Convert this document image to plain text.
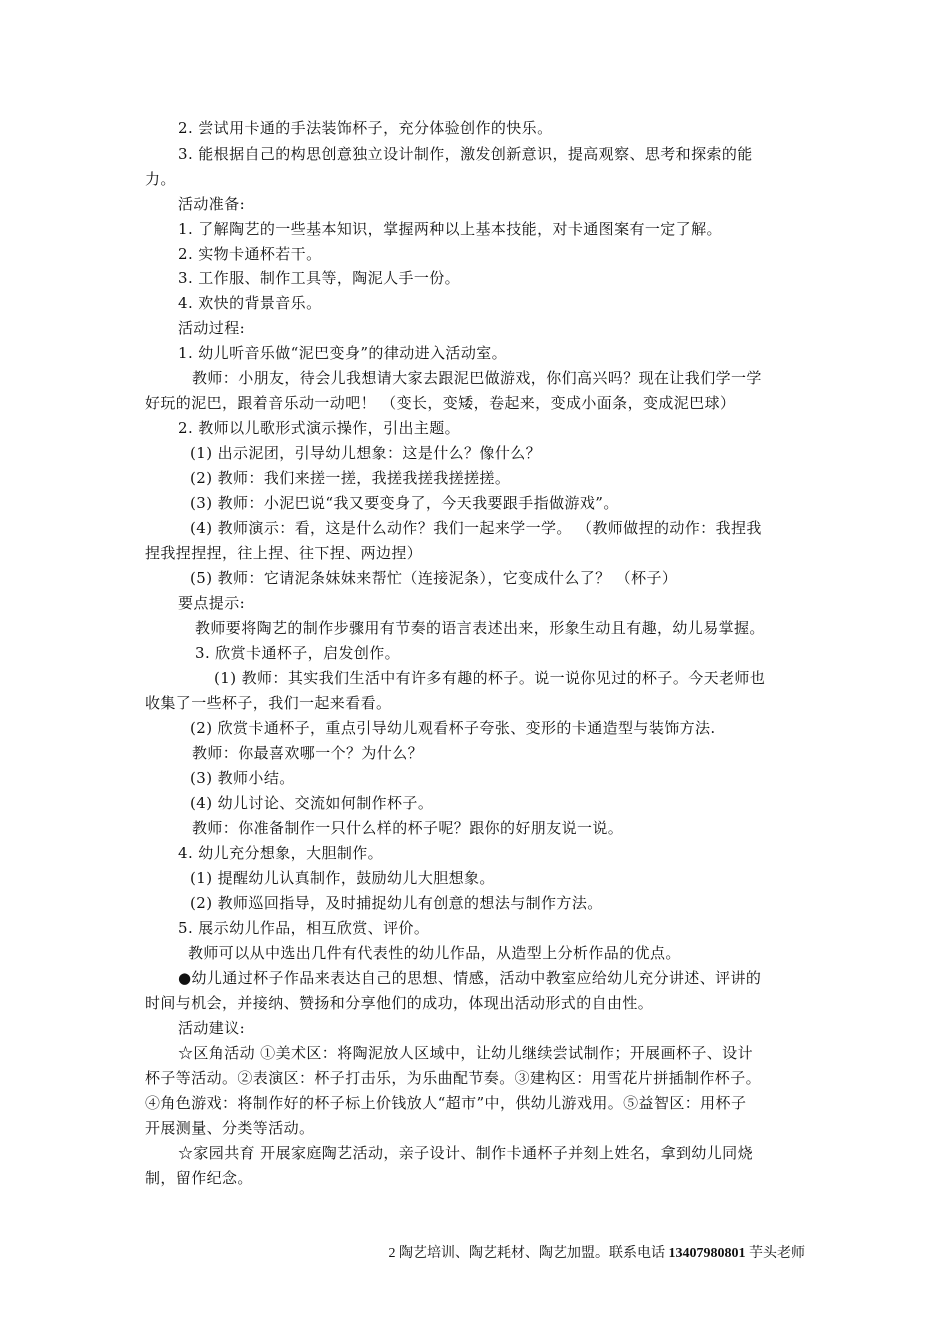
2. 尝试用卡通的手法装饰杯子，充分体验创作的快乐。
3. 能根据自己的构思创意独立设计制作，激发创新意识，提高观察、思考和探索的能
力。
活动准备:
1. 了解陶艺的一些基本知识，掌握两种以上基本技能，对卡通图案有一定了解。
2. 实物卡通杯若干。
3. 工作服、制作工具等，陶泥人手一份。
4. 欢快的背景音乐。
活动过程:
1. 幼儿听音乐做“泥巴变身”的律动进入活动室。
教师：小朋友，待会儿我想请大家去跟泥巴做游戏，你们高兴吗？现在让我们学一学
好玩的泥巴，跟着音乐动一动吧！ （变长，变矮，卷起来，变成小面条，变成泥巴球）
2. 教师以儿歌形式演示操作，引出主题。
(1) 出示泥团，引导幼儿想象：这是什么？像什么？
(2) 教师：我们来搓一搓，我搓我搓我搓搓搓。
(3) 教师：小泥巴说“我又要变身了，今天我要跟手指做游戏”。
(4) 教师演示：看，这是什么动作？我们一起来学一学。 （教师做捏的动作：我捏我
捏我捏捏捏，往上捏、往下捏、两边捏）
(5) 教师：它请泥条妹妹来帮忙（连接泥条），它变成什么了？ （杯子）
要点提示:
教师要将陶艺的制作步骤用有节奏的语言表述出来，形象生动且有趣，幼儿易掌握。
3. 欣赏卡通杯子，启发创作。
(1) 教师：其实我们生活中有许多有趣的杯子。说一说你见过的杯子。今天老师也
收集了一些杯子，我们一起来看看。
(2) 欣赏卡通杯子，重点引导幼儿观看杯子夸张、变形的卡通造型与装饰方法.
教师：你最喜欢哪一个？为什么？
(3) 教师小结。
(4) 幼儿讨论、交流如何制作杯子。
教师：你准备制作一只什么样的杯子呢？跟你的好朋友说一说。
4. 幼儿充分想象，大胆制作。
(1) 提醒幼儿认真制作，鼓励幼儿大胆想象。
(2) 教师巡回指导，及时捕捉幼儿有创意的想法与制作方法。
5. 展示幼儿作品，相互欣赏、评价。
教师可以从中选出几件有代表性的幼儿作品，从造型上分析作品的优点。
●幼儿通过杯子作品来表达自己的思想、情感，活动中教室应给幼儿充分讲述、评讲的
时间与机会，并接纳、赞扬和分享他们的成功，体现出活动形式的自由性。
活动建议:
☆区角活动 ①美术区：将陶泥放人区域中，让幼儿继续尝试制作；开展画杯子、设计
杯子等活动。②表演区：杯子打击乐，为乐曲配节奏。③建构区：用雪花片拼插制作杯子。
④角色游戏：将制作好的杯子标上价钱放人“超市”中，供幼儿游戏用。⑤益智区：用杯子
开展测量、分类等活动。
☆家园共育 开展家庭陶艺活动，亲子设计、制作卡通杯子并刻上姓名，拿到幼儿同烧
制，留作纪念。
2 陶艺培训、陶艺耗材、陶艺加盟。联系电话 13407980801 芋头老师
